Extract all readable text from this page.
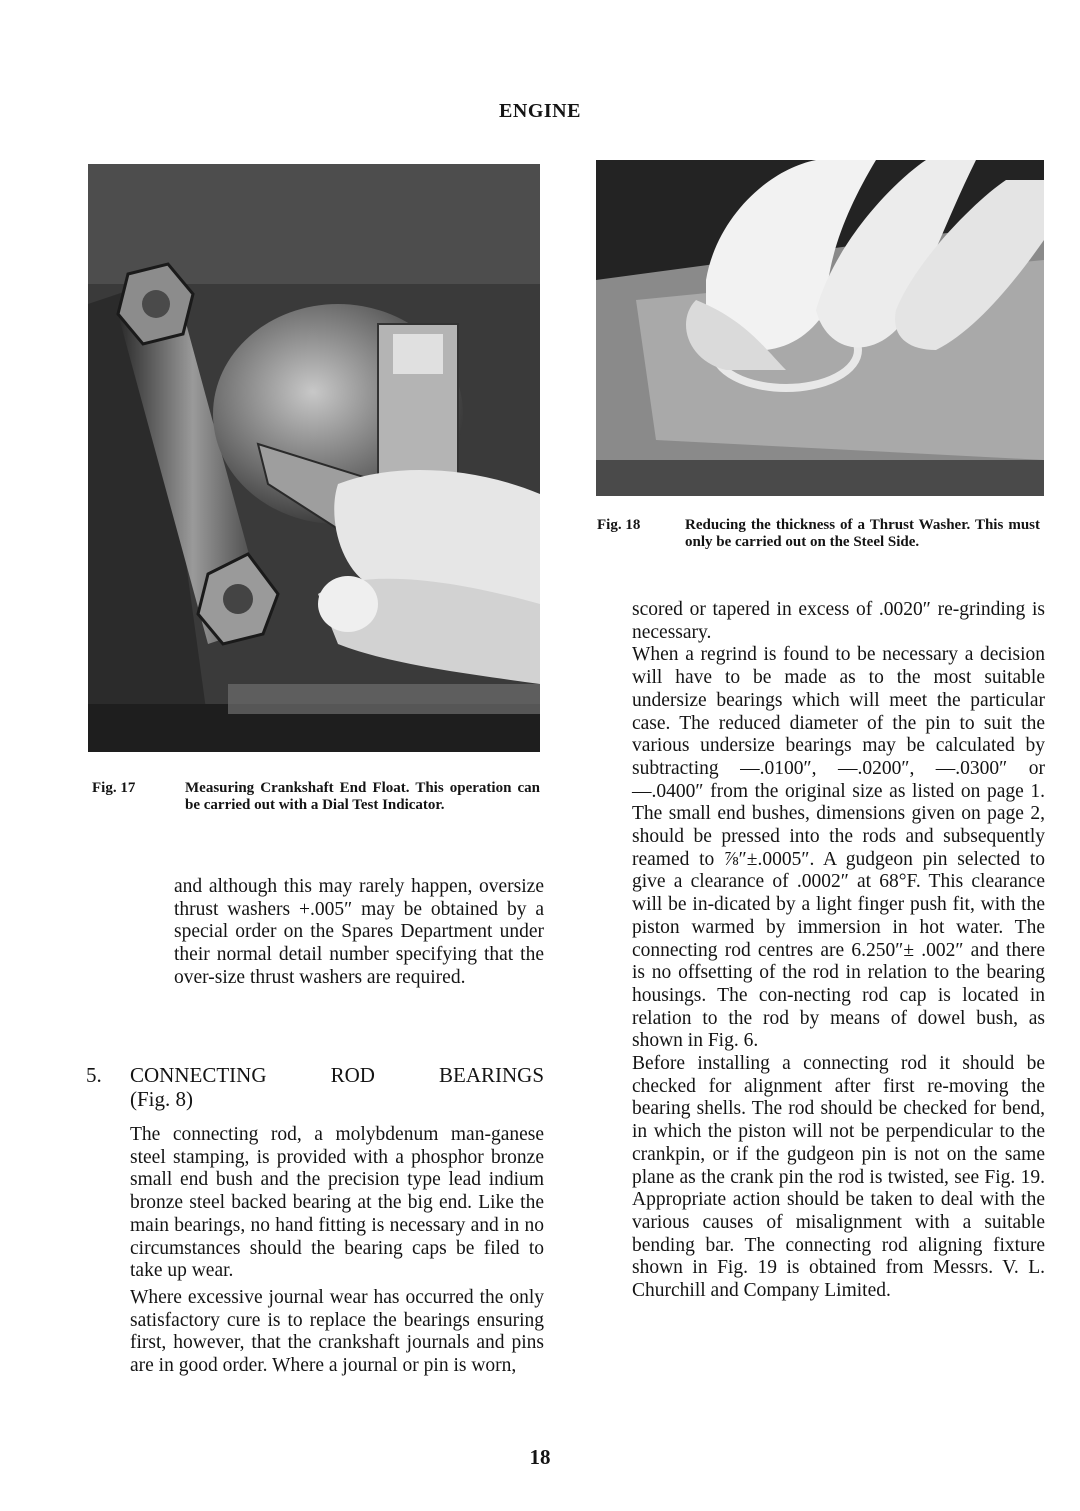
ENGINE
Fig. 17	Measuring Crankshaft End Float. This operation can be carried out with a Dial Test Indicator.
Fig. 18	Reducing the thickness of a Thrust Washer. This must only be carried out on the Steel Side.

and although this may rarely happen, oversize thrust washers +.005″ may be obtained by a special order on the Spares Department under their normal detail number specifying that the over-size thrust washers are required.

5. CONNECTING ROD BEARINGS
(Fig. 8)

The connecting rod, a molybdenum man-ganese steel stamping, is provided with a phosphor bronze small end bush and the precision type lead indium bronze steel backed bearing at the big end. Like the main bearings, no hand fitting is necessary and in no circumstances should the bearing caps be filed to take up wear.

Where excessive journal wear has occurred the only satisfactory cure is to replace the bearings ensuring first, however, that the crankshaft journals and pins are in good order. Where a journal or pin is worn,

scored or tapered in excess of .0020″ re-grinding is necessary.

When a regrind is found to be necessary a decision will have to be made as to the most suitable undersize bearings which will meet the particular case. The reduced diameter of the pin to suit the various undersize bearings may be calculated by subtracting —.0100″, —.0200″, —.0300″ or —.0400″ from the original size as listed on page 1. The small end bushes, dimensions given on page 2, should be pressed into the rods and subsequently reamed to ⅞″±.0005″. A gudgeon pin selected to give a clearance of .0002″ at 68°F. This clearance will be in-dicated by a light finger push fit, with the piston warmed by immersion in hot water. The connecting rod centres are 6.250″± .002″ and there is no offsetting of the rod in relation to the bearing housings. The con-necting rod cap is located in relation to the rod by means of dowel bush, as shown in Fig. 6.

Before installing a connecting rod it should be checked for alignment after first re-moving the bearing shells. The rod should be checked for bend, in which the piston will not be perpendicular to the crankpin, or if the gudgeon pin is not on the same plane as the crank pin the rod is twisted, see Fig. 19. Appropriate action should be taken to deal with the various causes of misalignment with a suitable bending bar. The connecting rod aligning fixture shown in Fig. 19 is obtained from Messrs. V. L. Churchill and Company Limited.

18
